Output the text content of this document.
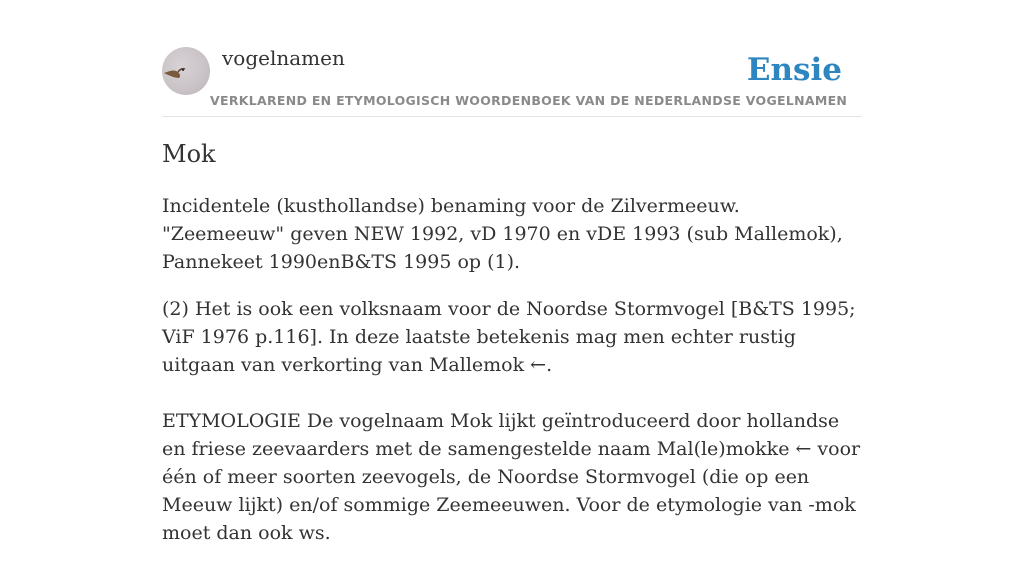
vogelnamen	Ensie
VERKLAREND EN ETYMOLOGISCH WOORDENBOEK VAN DE NEDERLANDSE VOGELNAMEN
Mok

Incidentele (kusthollandse) benaming voor de Zilvermeeuw. "Zeemeeuw" geven NEW 1992, vD 1970 en vDE 1993 (sub Mallemok), Pannekeet 1990enB&TS 1995 op (1).

(2) Het is ook een volksnaam voor de Noordse Stormvogel [B&TS 1995; ViF 1976 p.116]. In deze laatste betekenis mag men echter rustig uitgaan van verkorting van Mallemok ←.

ETYMOLOGIE De vogelnaam Mok lijkt geïntroduceerd door hollandse en friese zeevaarders met de samengestelde naam Mal(le)mokke ← voor één of meer soorten zeevogels, de Noordse Stormvogel (die op een Meeuw lijkt) en/of sommige Zeemeeuwen. Voor de etymologie van -mok moet dan ook ws.
